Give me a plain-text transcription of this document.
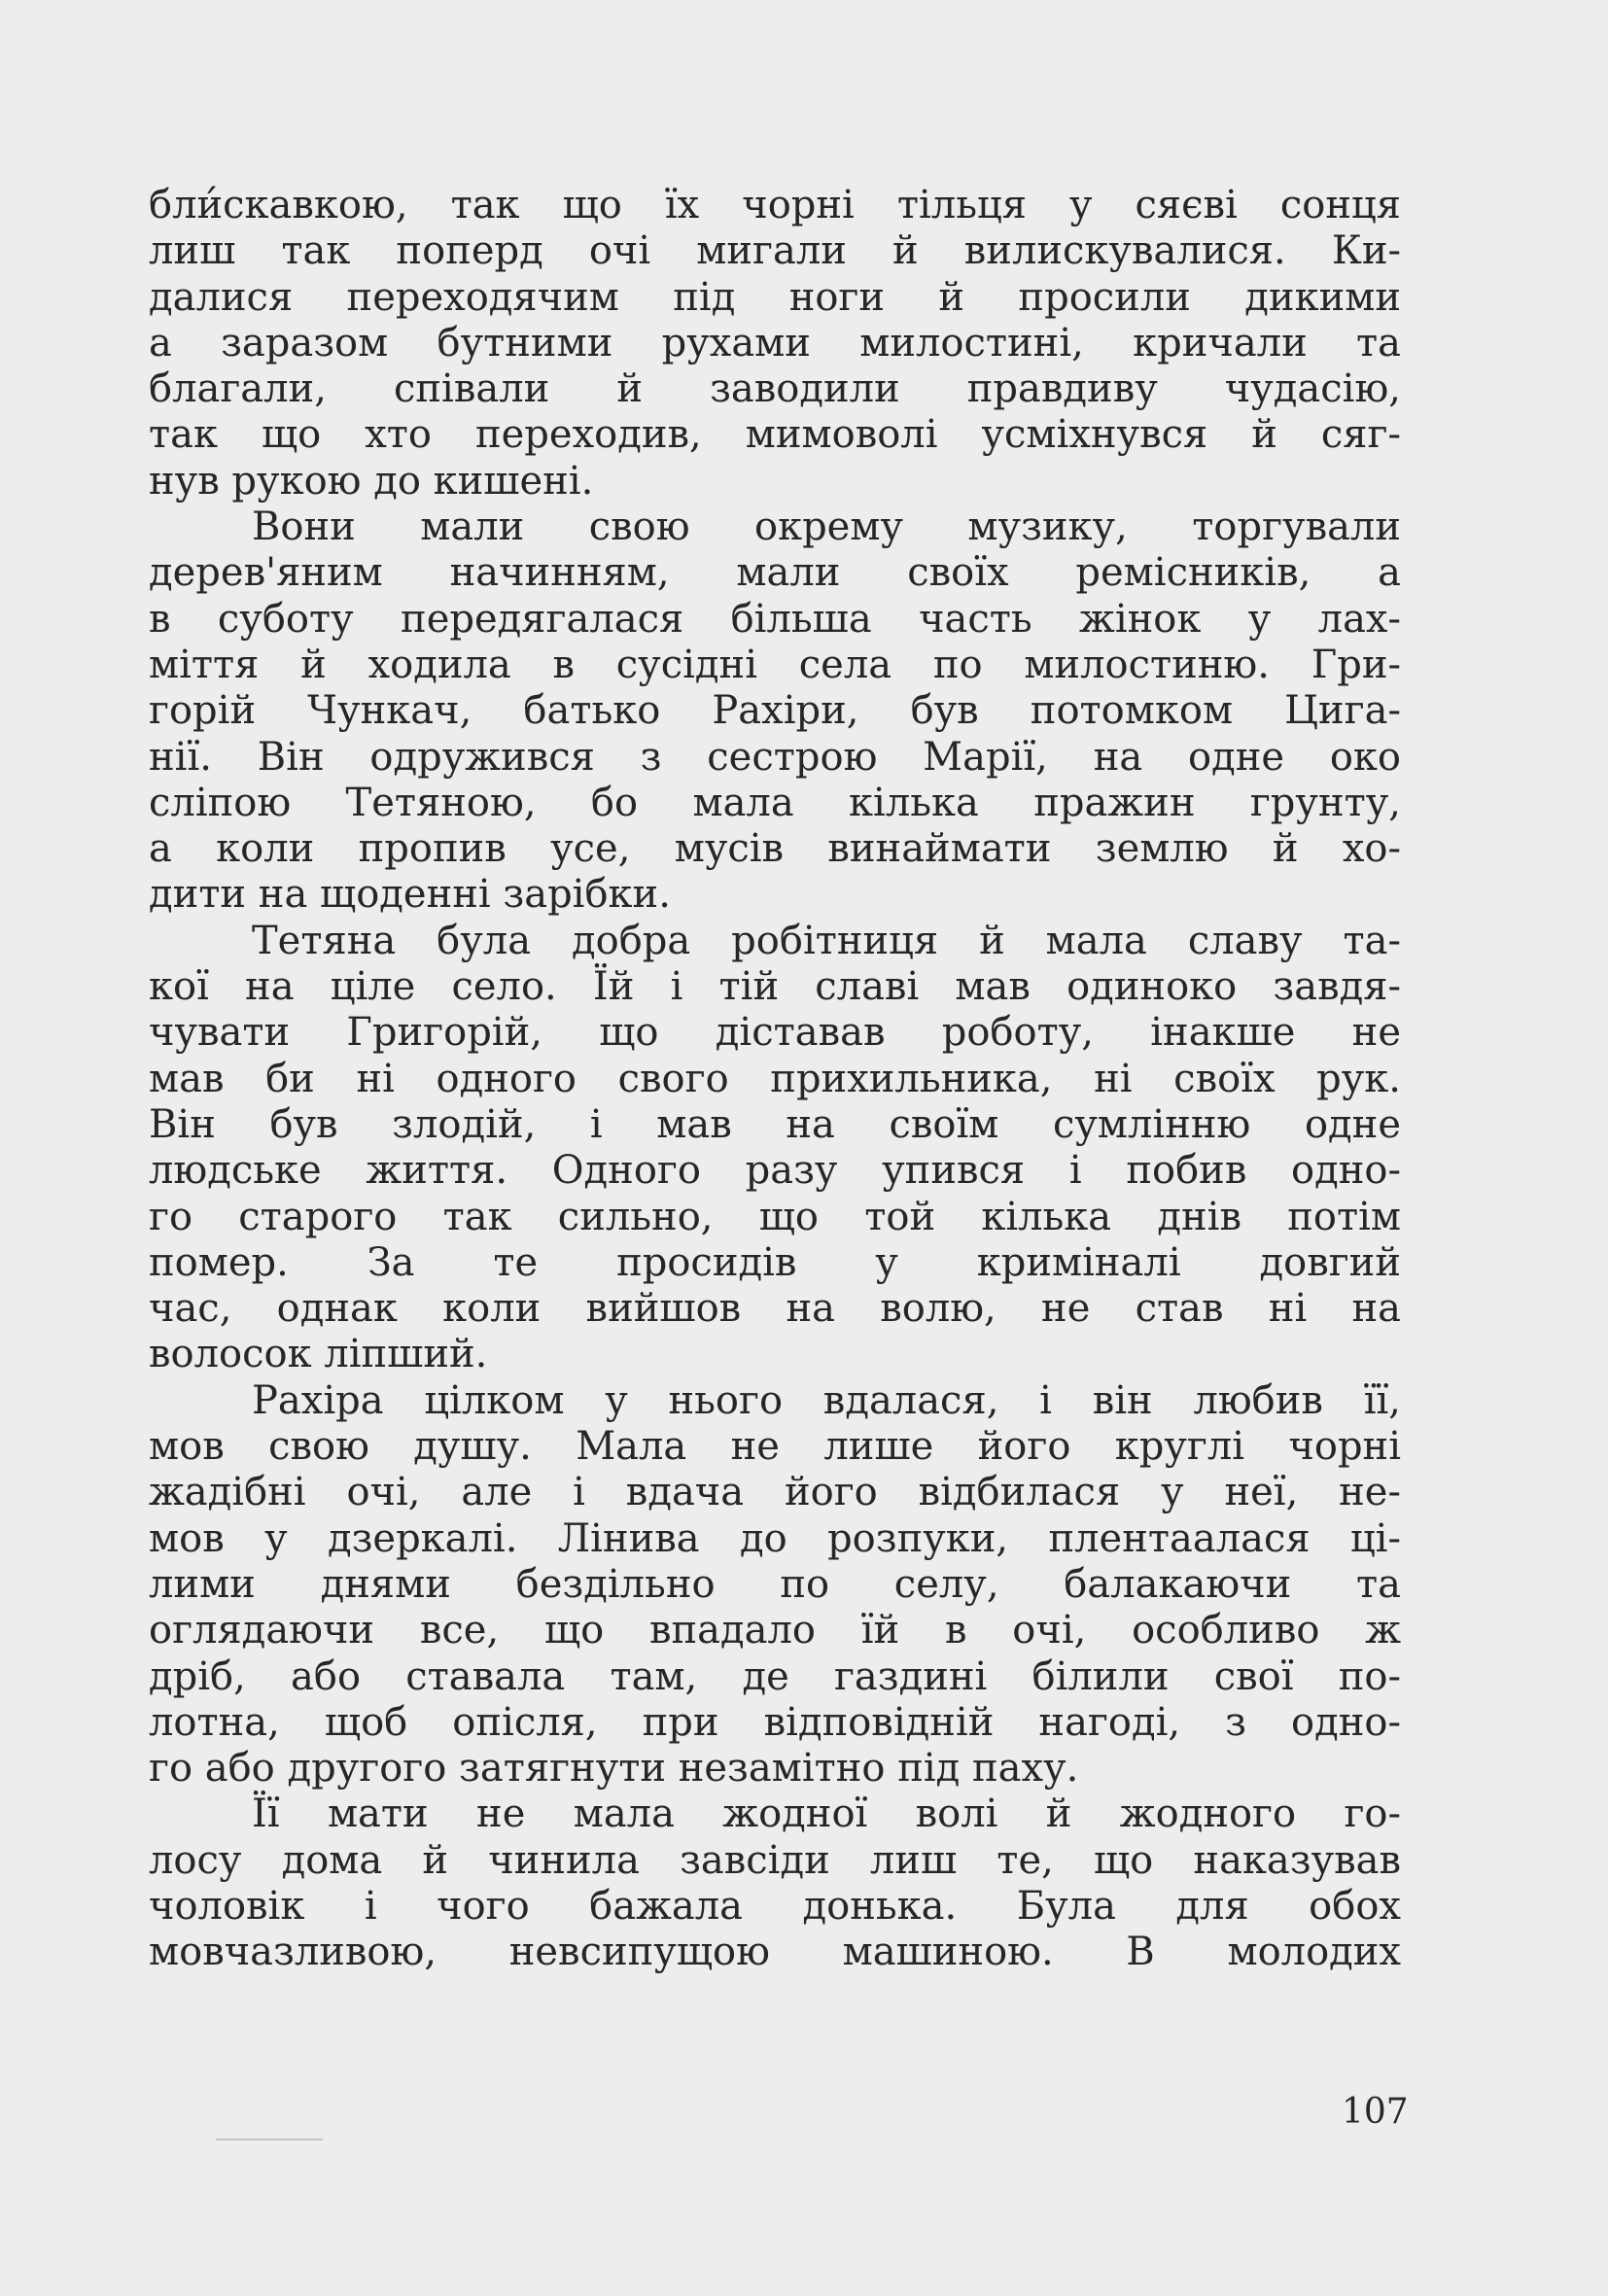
бли́скавкою, так що їх чорні тільця у сяєві сонця
лиш так поперд очі мигали й вилискувалися. Ки-
далися переходячим під ноги й просили дикими
а заразом бутними рухами милостині, кричали та
благали, співали й заводили правдиву чудасію,
так що хто переходив, мимоволі усміхнувся й сяг-
нув рукою до кишені.
Вони мали свою окрему музику, торгували
дерев'яним начинням, мали своїх ремісників, а
в суботу передягалася більша часть жінок у лах-
міття й ходила в сусідні села по милостиню. Гри-
горій Чункач, батько Рахіри, був потомком Цига-
нії. Він одружився з сестрою Марії, на одне око
сліпою Тетяною, бо мала кілька пражин грунту,
а коли пропив усе, мусів винаймати землю й хо-
дити на щоденні зарібки.
Тетяна була добра робітниця й мала славу та-
кої на ціле село. Їй і тій славі мав одиноко завдя-
чувати Григорій, що діставав роботу, інакше не
мав би ні одного свого прихильника, ні своїх рук.
Він був злодій, і мав на своїм сумлінню одне
людське життя. Одного разу упився і побив одно-
го старого так сильно, що той кілька днів потім
помер. За те просидів у криміналі довгий
час, однак коли вийшов на волю, не став ні на
волосок ліпший.
Рахіра цілком у нього вдалася, і він любив її,
мов свою душу. Мала не лише його круглі чорні
жадібні очі, але і вдача його відбилася у неї, не-
мов у дзеркалі. Лінива до розпуки, плентаалася ці-
лими днями бездільно по селу, балакаючи та
оглядаючи все, що впадало їй в очі, особливо ж
дріб, або ставала там, де газдині білили свої по-
лотна, щоб опісля, при відповідній нагоді, з одно-
го або другого затягнути незамітно під паху.
Її мати не мала жодної волі й жодного го-
лосу дома й чинила завсіди лиш те, що наказував
чоловік і чого бажала донька. Була для обох
мовчазливою, невсипущою машиною. В молодих
107
